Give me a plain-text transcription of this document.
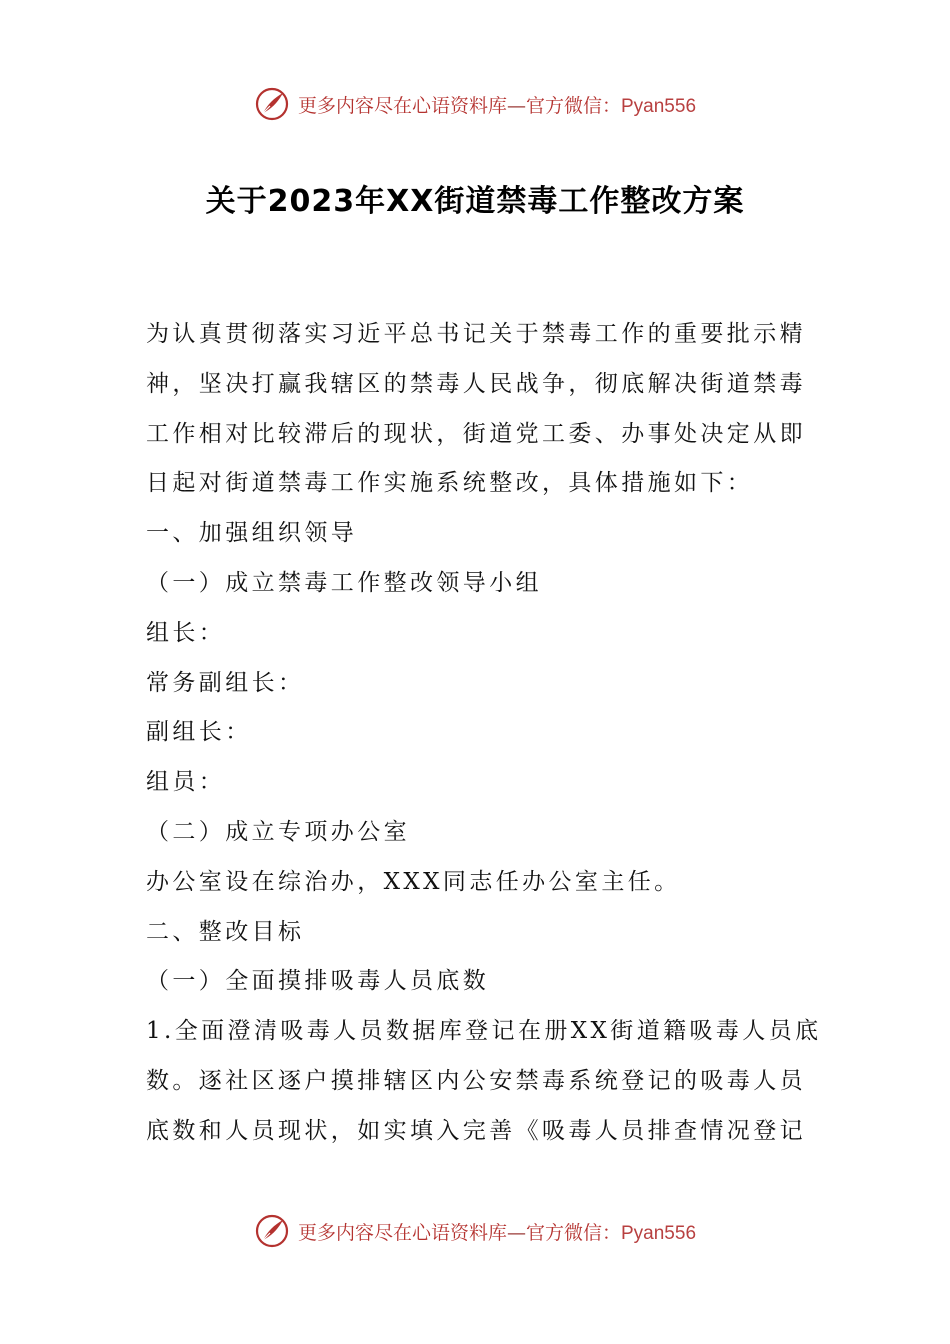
更多内容尽在心语资料库—官方微信：Pyan556
关于2023年XX街道禁毒工作整改方案
为认真贯彻落实习近平总书记关于禁毒工作的重要批示精
神，坚决打赢我辖区的禁毒人民战争，彻底解决街道禁毒
工作相对比较滞后的现状，街道党工委、办事处决定从即
日起对街道禁毒工作实施系统整改，具体措施如下：
一、加强组织领导
（一）成立禁毒工作整改领导小组
组长：
常务副组长：
副组长：
组员：
（二）成立专项办公室
办公室设在综治办，XXX同志任办公室主任。
二、整改目标
（一）全面摸排吸毒人员底数
1.全面澄清吸毒人员数据库登记在册XX街道籍吸毒人员底
数。逐社区逐户摸排辖区内公安禁毒系统登记的吸毒人员
底数和人员现状，如实填入完善《吸毒人员排查情况登记
更多内容尽在心语资料库—官方微信：Pyan556
